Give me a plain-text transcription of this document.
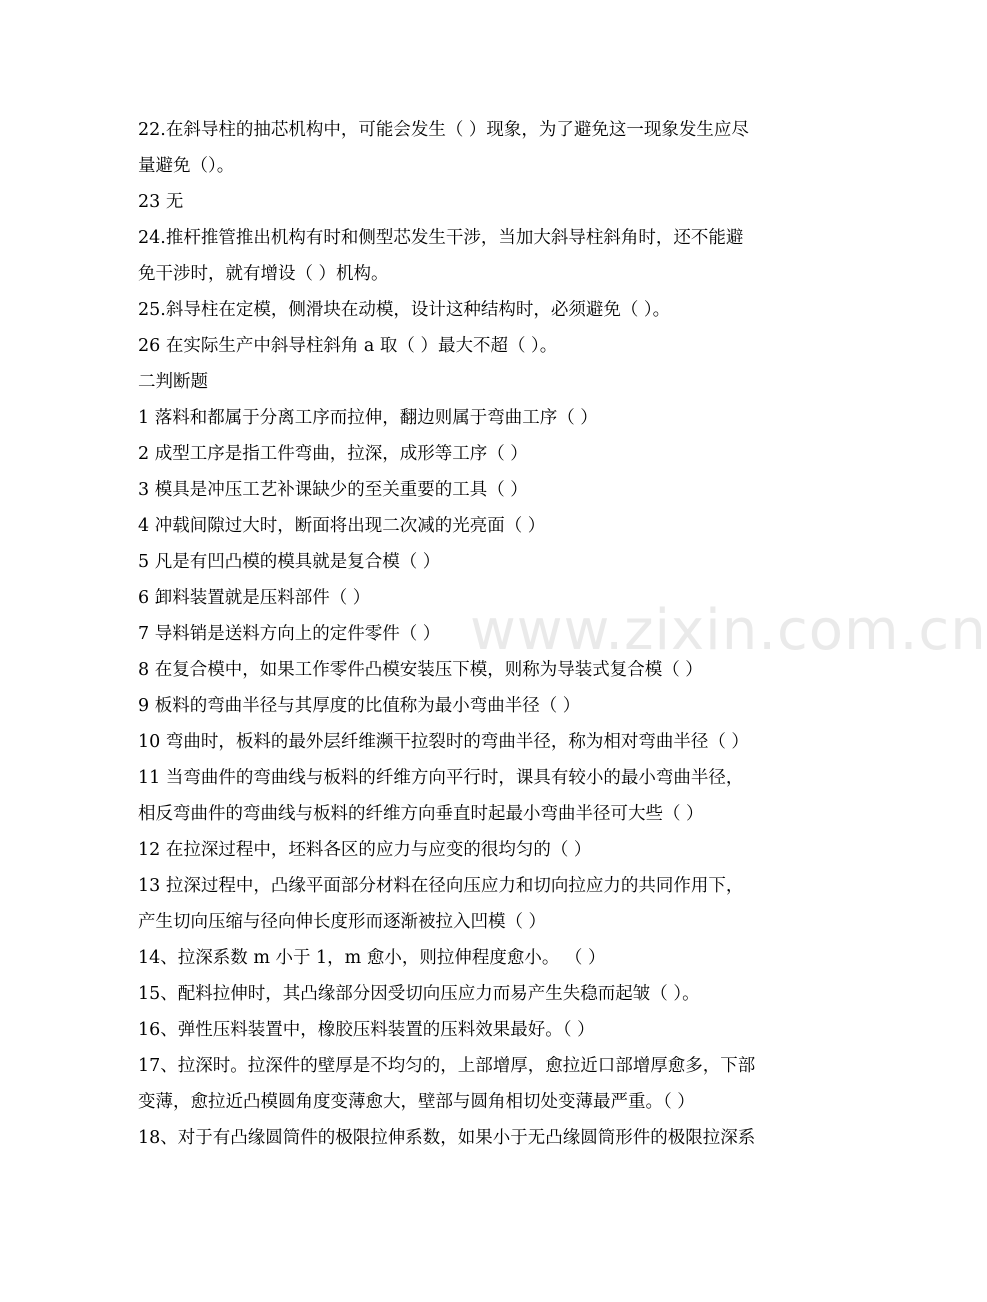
22.在斜导柱的抽芯机构中，可能会发生（ ）现象，为了避免这一现象发生应尽
量避免（）。
23 无
24.推杆推管推出机构有时和侧型芯发生干涉，当加大斜导柱斜角时，还不能避
免干涉时，就有增设（ ）机构。
25.斜导柱在定模，侧滑块在动模，设计这种结构时，必须避免（ ）。
26 在实际生产中斜导柱斜角 a 取（ ）最大不超（ ）。
二判断题
1 落料和都属于分离工序而拉伸，翻边则属于弯曲工序（ ）
2 成型工序是指工件弯曲，拉深，成形等工序（ ）
3 模具是冲压工艺补课缺少的至关重要的工具（ ）
4 冲载间隙过大时，断面将出现二次减的光亮面（ ）
5 凡是有凹凸模的模具就是复合模（ ）
6 卸料装置就是压料部件（ ）
7 导料销是送料方向上的定件零件（ ）
8 在复合模中，如果工作零件凸模安装压下模，则称为导装式复合模（ ）
9 板料的弯曲半径与其厚度的比值称为最小弯曲半径（ ）
10 弯曲时，板料的最外层纤维濒干拉裂时的弯曲半径，称为相对弯曲半径（ ）
11 当弯曲件的弯曲线与板料的纤维方向平行时，课具有较小的最小弯曲半径，
相反弯曲件的弯曲线与板料的纤维方向垂直时起最小弯曲半径可大些（ ）
12 在拉深过程中，坯料各区的应力与应变的很均匀的（ ）
13 拉深过程中，凸缘平面部分材料在径向压应力和切向拉应力的共同作用下，
产生切向压缩与径向伸长度形而逐渐被拉入凹模（ ）
14、拉深系数 m 小于 1，m 愈小，则拉伸程度愈小。 （ ）
15、配料拉伸时，其凸缘部分因受切向压应力而易产生失稳而起皱（ ）。
16、弹性压料装置中，橡胶压料装置的压料效果最好。（ ）
17、拉深时。拉深件的壁厚是不均匀的，上部增厚，愈拉近口部增厚愈多，下部
变薄，愈拉近凸模圆角度变薄愈大，壁部与圆角相切处变薄最严重。（ ）
18、对于有凸缘圆筒件的极限拉伸系数，如果小于无凸缘圆筒形件的极限拉深系
www.zixin.com.cn
